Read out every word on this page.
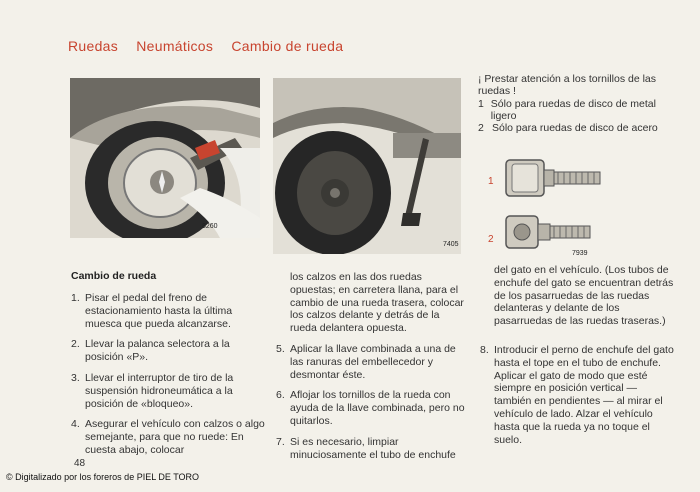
Ruedas Neumáticos Cambio de rueda
8260
7405
¡ Prestar atención a los tornillos de las ruedas !
1 Sólo para ruedas de disco de metal ligero
2 Sólo para ruedas de disco de acero
1
2
7939
Cambio de rueda
1. Pisar el pedal del freno de estacionamiento hasta la última muesca que pueda alcanzarse.
2. Llevar la palanca selectora a la posición «P».
3. Llevar el interruptor de tiro de la suspensión hidroneumática a la posición de «bloqueo».
4. Asegurar el vehículo con calzos o algo semejante, para que no ruede: En cuesta abajo, colocar
los calzos en las dos ruedas opuestas; en carretera llana, para el cambio de una rueda trasera, colocar los calzos delante y detrás de la rueda delantera opuesta.
5. Aplicar la llave combinada a una de las ranuras del embellecedor y desmontar éste.
6. Aflojar los tornillos de la rueda con ayuda de la llave combinada, pero no quitarlos.
7. Si es necesario, limpiar minuciosamente el tubo de enchufe
del gato en el vehículo. (Los tubos de enchufe del gato se encuentran detrás de los pasarruedas de las ruedas delanteras y delante de los pasarruedas de las ruedas traseras.)
8. Introducir el perno de enchufe del gato hasta el tope en el tubo de enchufe. Aplicar el gato de modo que esté siempre en posición vertical — también en pendientes — al mirar el vehículo de lado. Alzar el vehículo hasta que la rueda ya no toque el suelo.
48
© Digitalizado por los foreros de PIEL DE TORO
